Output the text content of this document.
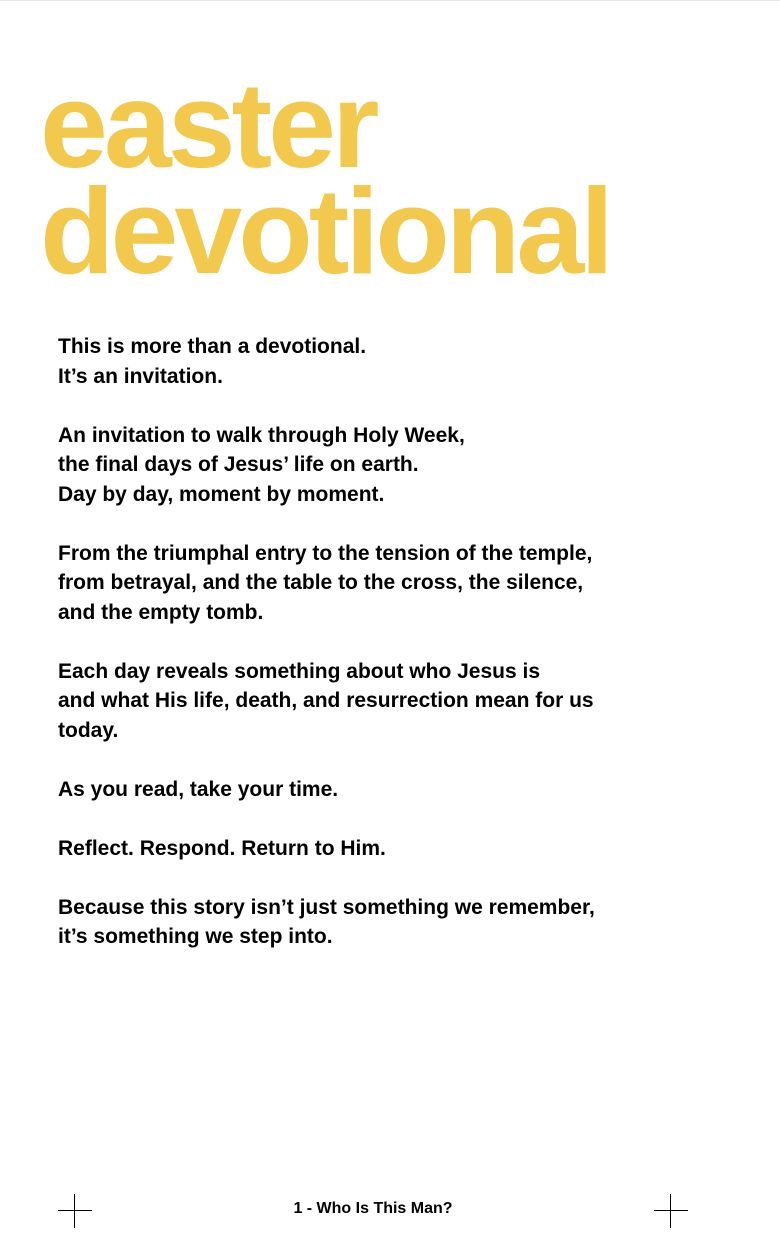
easter
devotional

This is more than a devotional.
It’s an invitation.

An invitation to walk through Holy Week,
the final days of Jesus’ life on earth.
Day by day, moment by moment.

From the triumphal entry to the tension of the temple,
from betrayal, and the table to the cross, the silence,
and the empty tomb.

Each day reveals something about who Jesus is
and what His life, death, and resurrection mean for us
today.

As you read, take your time.

Reflect. Respond. Return to Him.

Because this story isn’t just something we remember,
it’s something we step into.

1 - Who Is This Man?
